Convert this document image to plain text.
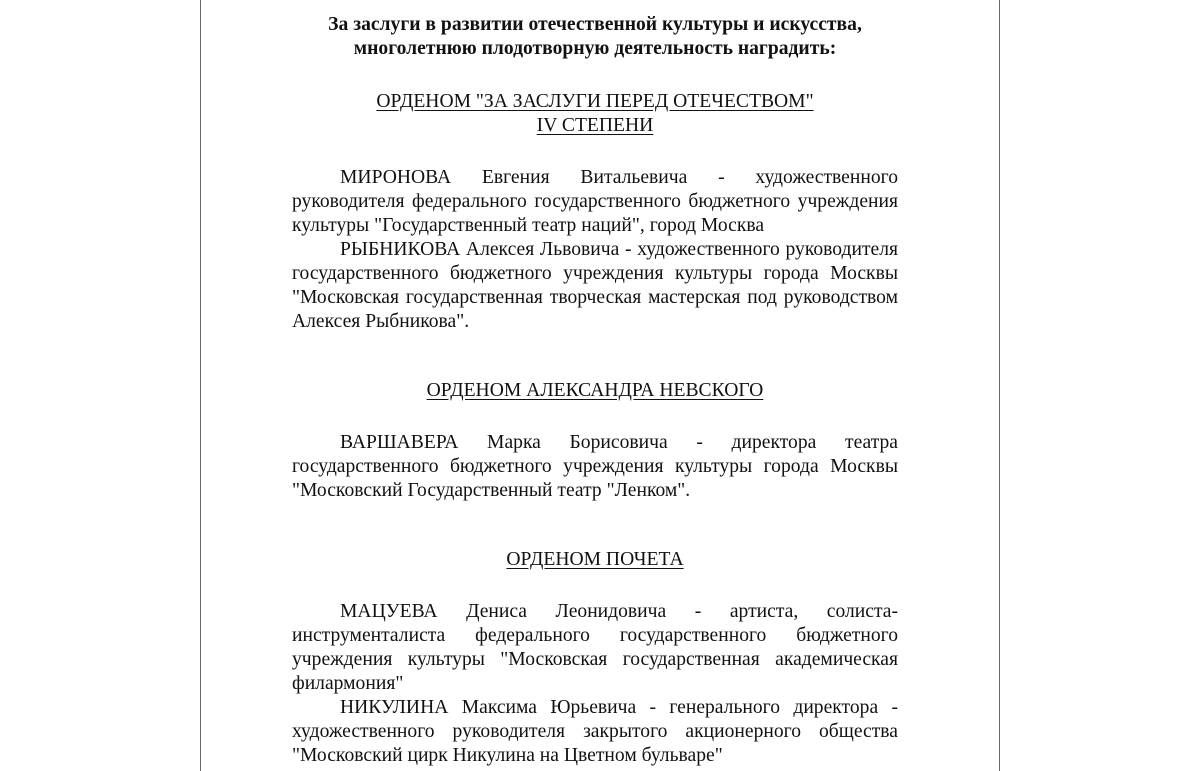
За заслуги в развитии отечественной культуры и искусства,
многолетнюю плодотворную деятельность наградить:

ОРДЕНОМ "ЗА ЗАСЛУГИ ПЕРЕД ОТЕЧЕСТВОМ"
IV СТЕПЕНИ

МИРОНОВА Евгения Витальевича - художественного руководителя федерального государственного бюджетного учреждения культуры "Государственный театр наций", город Москва

РЫБНИКОВА Алексея Львовича - художественного руководителя государственного бюджетного учреждения культуры города Москвы "Московская государственная творческая мастерская под руководством Алексея Рыбникова".

ОРДЕНОМ АЛЕКСАНДРА НЕВСКОГО

ВАРШАВЕРА Марка Борисовича - директора театра государственного бюджетного учреждения культуры города Москвы "Московский Государственный театр "Ленком".

ОРДЕНОМ ПОЧЕТА

МАЦУЕВА Дениса Леонидовича - артиста, солиста-инструменталиста федерального государственного бюджетного учреждения культуры "Московская государственная академическая филармония"

НИКУЛИНА Максима Юрьевича - генерального директора - художественного руководителя закрытого акционерного общества "Московский цирк Никулина на Цветном бульваре"
